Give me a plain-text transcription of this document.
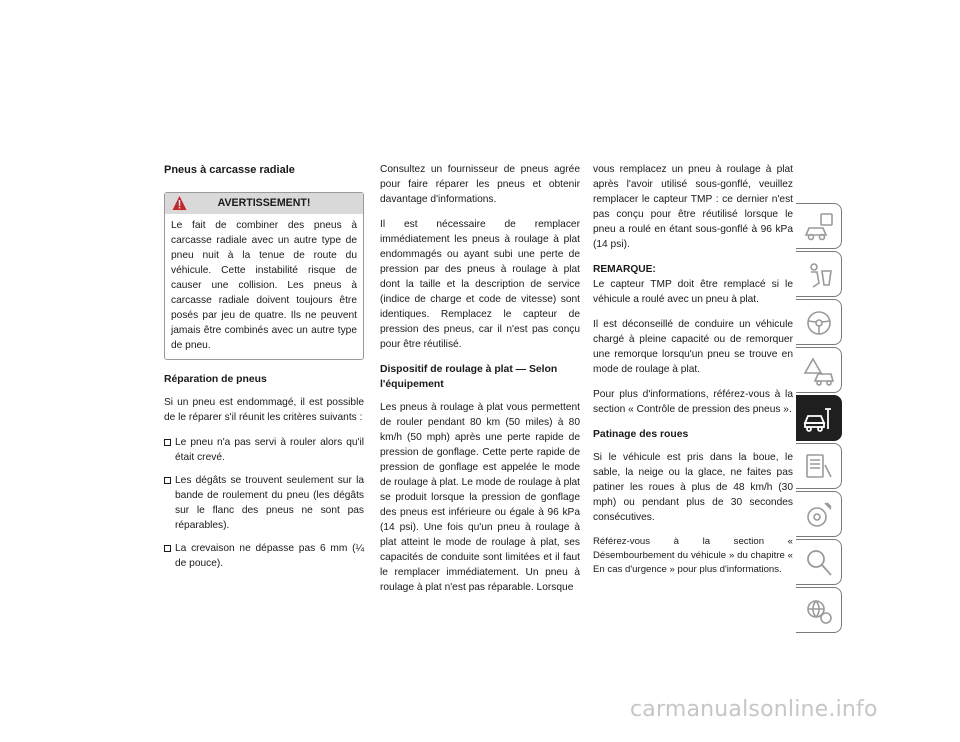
Pneus à carcasse radiale
AVERTISSEMENT!

Le fait de combiner des pneus à carcasse radiale avec un autre type de pneu nuit à la tenue de route du véhicule. Cette instabilité risque de causer une collision. Les pneus à carcasse radiale doivent toujours être posés par jeu de quatre. Ils ne peuvent jamais être combinés avec un autre type de pneu.

Réparation de pneus

Si un pneu est endommagé, il est possible de le réparer s'il réunit les critères suivants :

Le pneu n'a pas servi à rouler alors qu'il était crevé.
Les dégâts se trouvent seulement sur la bande de roulement du pneu (les dégâts sur le flanc des pneus ne sont pas réparables).
La crevaison ne dépasse pas 6 mm (¼ de pouce).

Consultez un fournisseur de pneus agrée pour faire réparer les pneus et obtenir davantage d'informations.

Il est nécessaire de remplacer immédiatement les pneus à roulage à plat endommagés ou ayant subi une perte de pression par des pneus à roulage à plat dont la taille et la description de service (indice de charge et code de vitesse) sont identiques. Remplacez le capteur de pression des pneus, car il n'est pas conçu pour être réutilisé.

Dispositif de roulage à plat — Selon l'équipement

Les pneus à roulage à plat vous permettent de rouler pendant 80 km (50 miles) à 80 km/h (50 mph) après une perte rapide de pression de gonflage. Cette perte rapide de pression de gonflage est appelée le mode de roulage à plat. Le mode de roulage à plat se produit lorsque la pression de gonflage des pneus est inférieure ou égale à 96 kPa (14 psi). Une fois qu'un pneu à roulage à plat atteint le mode de roulage à plat, ses capacités de conduite sont limitées et il faut le remplacer immédiatement. Un pneu à roulage à plat n'est pas réparable. Lorsque

vous remplacez un pneu à roulage à plat après l'avoir utilisé sous-gonflé, veuillez remplacer le capteur TMP : ce dernier n'est pas conçu pour être réutilisé lorsque le pneu a roulé en étant sous-gonflé à 96 kPa (14 psi).

REMARQUE:
Le capteur TMP doit être remplacé si le véhicule a roulé avec un pneu à plat.

Il est déconseillé de conduire un véhicule chargé à pleine capacité ou de remorquer une remorque lorsqu'un pneu se trouve en mode de roulage à plat.

Pour plus d'informations, référez-vous à la section « Contrôle de pression des pneus ».

Patinage des roues

Si le véhicule est pris dans la boue, le sable, la neige ou la glace, ne faites pas patiner les roues à plus de 48 km/h (30 mph) ou pendant plus de 30 secondes consécutives.

Référez-vous à la section « Désembourbement du véhicule » du chapitre « En cas d'urgence » pour plus d'informations.

carmanualsonline.info
